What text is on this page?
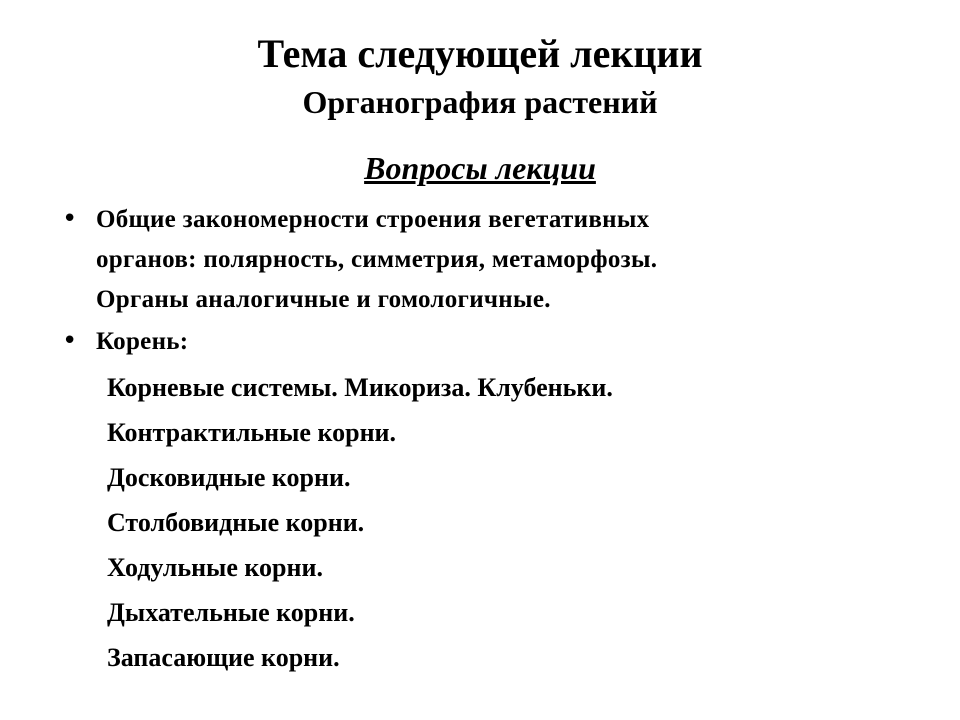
Тема следующей лекции
Органография растений
Вопросы лекции
• Общие закономерности строения вегетативных
органов: полярность, симметрия, метаморфозы.
Органы аналогичные и гомологичные.
• Корень:
Корневые системы. Микориза. Клубеньки.
Контрактильные корни.
Досковидные корни.
Столбовидные корни.
Ходульные корни.
Дыхательные корни.
Запасающие корни.
